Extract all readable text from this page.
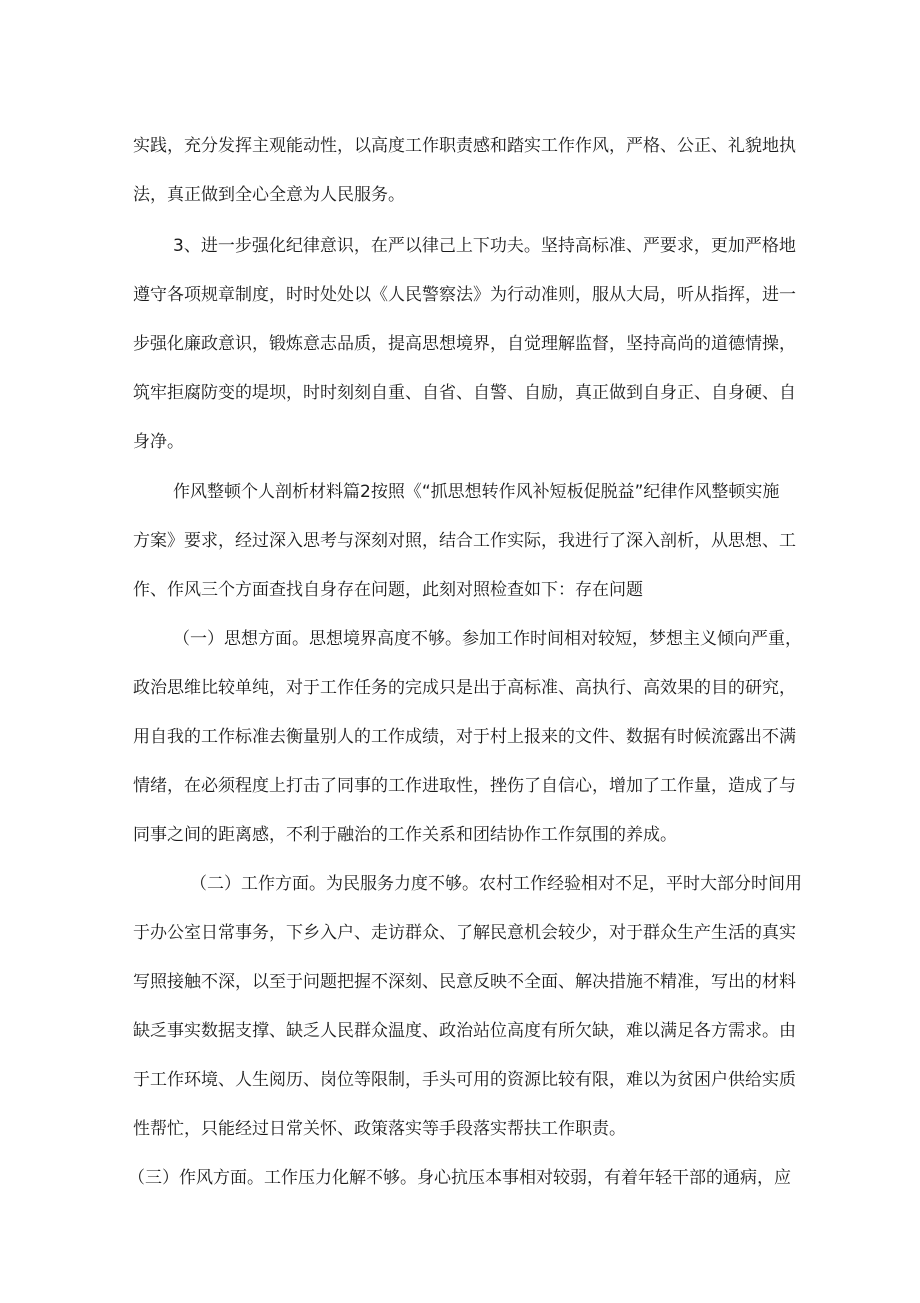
实践，充分发挥主观能动性，以高度工作职责感和踏实工作作风，严格、公正、礼貌地执
法，真正做到全心全意为人民服务。
3、进一步强化纪律意识，在严以律己上下功夫。坚持高标准、严要求，更加严格地
遵守各项规章制度，时时处处以《人民警察法》为行动准则，服从大局，听从指挥，进一
步强化廉政意识，锻炼意志品质，提高思想境界，自觉理解监督，坚持高尚的道德情操，
筑牢拒腐防变的堤坝，时时刻刻自重、自省、自警、自励，真正做到自身正、自身硬、自
身净。
作风整顿个人剖析材料篇2按照《“抓思想转作风补短板促脱益”纪律作风整顿实施
方案》要求，经过深入思考与深刻对照，结合工作实际，我进行了深入剖析，从思想、工
作、作风三个方面查找自身存在问题，此刻对照检查如下：存在问题
（一）思想方面。思想境界高度不够。参加工作时间相对较短，梦想主义倾向严重，
政治思维比较单纯，对于工作任务的完成只是出于高标准、高执行、高效果的目的研究，
用自我的工作标准去衡量别人的工作成绩，对于村上报来的文件、数据有时候流露出不满
情绪，在必须程度上打击了同事的工作进取性，挫伤了自信心，增加了工作量，造成了与
同事之间的距离感，不利于融治的工作关系和团结协作工作氛围的养成。
（二）工作方面。为民服务力度不够。农村工作经验相对不足，平时大部分时间用
于办公室日常事务，下乡入户、走访群众、了解民意机会较少，对于群众生产生活的真实
写照接触不深，以至于问题把握不深刻、民意反映不全面、解决措施不精准，写出的材料
缺乏事实数据支撑、缺乏人民群众温度、政治站位高度有所欠缺，难以满足各方需求。由
于工作环境、人生阅历、岗位等限制，手头可用的资源比较有限，难以为贫困户供给实质
性帮忙，只能经过日常关怀、政策落实等手段落实帮扶工作职责。
（三）作风方面。工作压力化解不够。身心抗压本事相对较弱，有着年轻干部的通病，应
